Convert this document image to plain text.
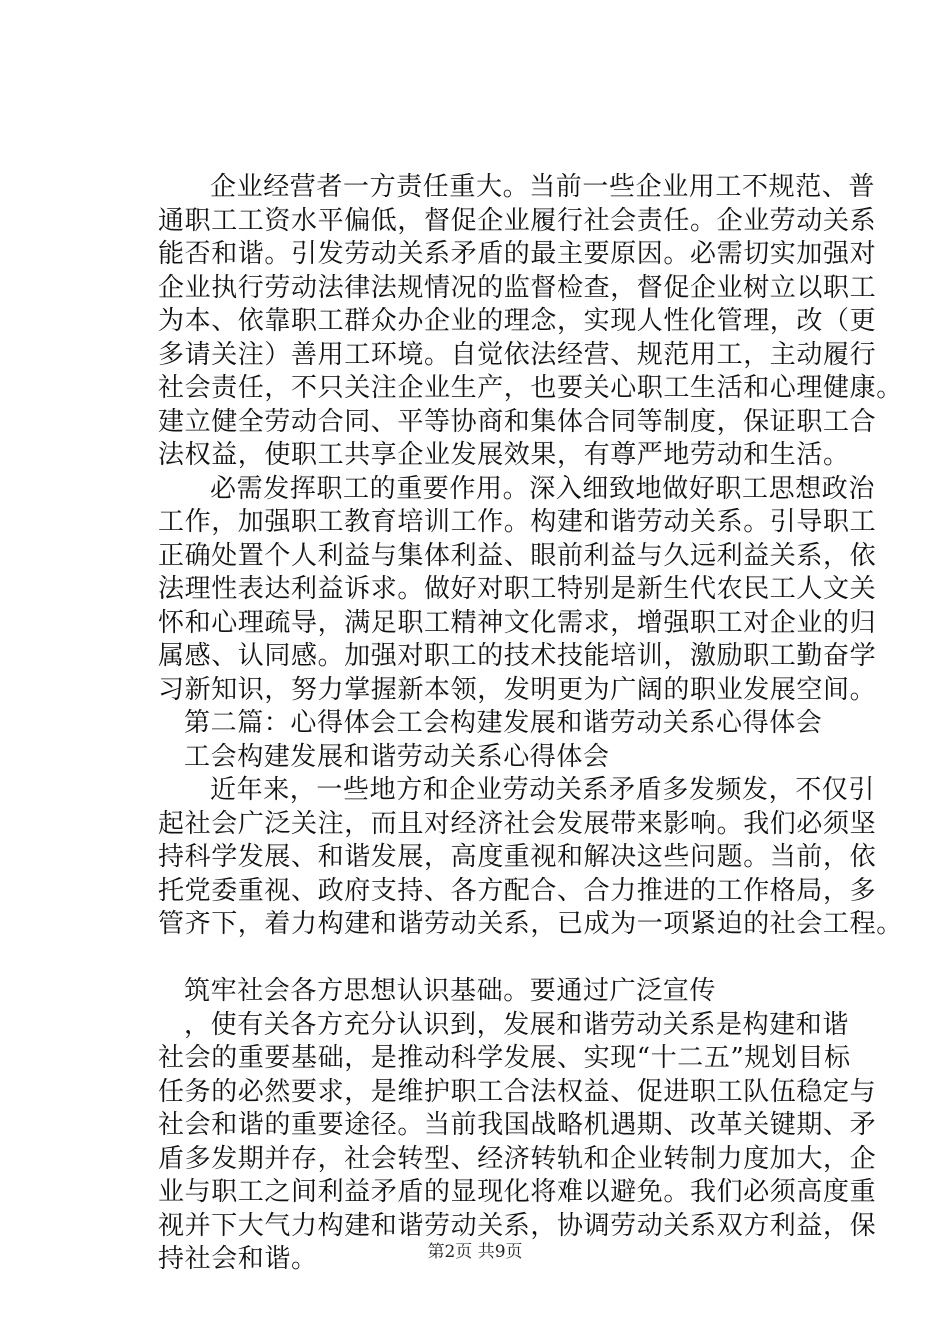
企业经营者一方责任重大。当前一些企业用工不规范、普
通职工工资水平偏低，督促企业履行社会责任。企业劳动关系
能否和谐。引发劳动关系矛盾的最主要原因。必需切实加强对
企业执行劳动法律法规情况的监督检查，督促企业树立以职工
为本、依靠职工群众办企业的理念，实现人性化管理，改（更
多请关注）善用工环境。自觉依法经营、规范用工，主动履行
社会责任，不只关注企业生产，也要关心职工生活和心理健康。
建立健全劳动合同、平等协商和集体合同等制度，保证职工合
法权益，使职工共享企业发展效果，有尊严地劳动和生活。
必需发挥职工的重要作用。深入细致地做好职工思想政治
工作，加强职工教育培训工作。构建和谐劳动关系。引导职工
正确处置个人利益与集体利益、眼前利益与久远利益关系，依
法理性表达利益诉求。做好对职工特别是新生代农民工人文关
怀和心理疏导，满足职工精神文化需求，增强职工对企业的归
属感、认同感。加强对职工的技术技能培训，激励职工勤奋学
习新知识，努力掌握新本领，发明更为广阔的职业发展空间。
第二篇：心得体会工会构建发展和谐劳动关系心得体会
工会构建发展和谐劳动关系心得体会
近年来，一些地方和企业劳动关系矛盾多发频发，不仅引
起社会广泛关注，而且对经济社会发展带来影响。我们必须坚
持科学发展、和谐发展，高度重视和解决这些问题。当前，依
托党委重视、政府支持、各方配合、合力推进的工作格局，多
管齐下，着力构建和谐劳动关系，已成为一项紧迫的社会工程。
筑牢社会各方思想认识基础。要通过广泛宣传
，使有关各方充分认识到，发展和谐劳动关系是构建和谐
社会的重要基础，是推动科学发展、实现“十二五”规划目标
任务的必然要求，是维护职工合法权益、促进职工队伍稳定与
社会和谐的重要途径。当前我国战略机遇期、改革关键期、矛
盾多发期并存，社会转型、经济转轨和企业转制力度加大，企
业与职工之间利益矛盾的显现化将难以避免。我们必须高度重
视并下大气力构建和谐劳动关系，协调劳动关系双方利益，保
持社会和谐。	第2页 共9页
